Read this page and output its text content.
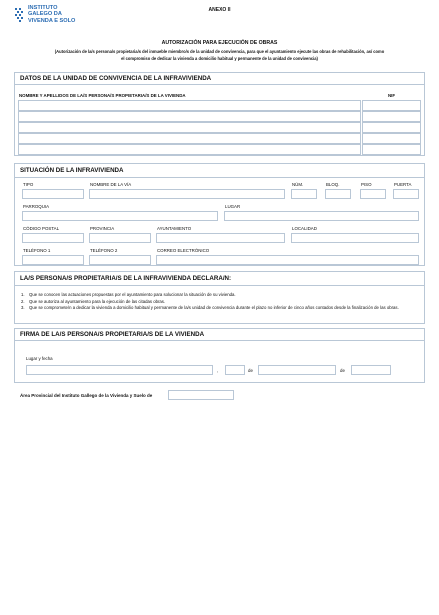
INSTITUTO
GALEGO DA
VIVENDA E SOLO
ANEXO II
AUTORIZACIÓN PARA EJECUCIÓN DE OBRAS
(Autorización de la/s persona/s propietaria/s del inmueble miembro/s de la unidad de convivencia, para que el ayuntamiento ejecute las obras de rehabilitación, así como
el compromiso de dedicar la vivienda a domicilio habitual y permanente de la unidad de convivencia)
DATOS DE LA UNIDAD DE CONVIVENCIA DE LA INFRAVIVIENDA
NOMBRE Y APELLIDOS DE LA/S PERSONA/S PROPIETARIA/S DE LA VIVIENDA	NIF
SITUACIÓN DE LA INFRAVIVIENDA
TIPO	NOMBRE DE LA VÍA	NÚM.	BLOQ.	PISO	PUERTA
PARROQUIA	LUGAR
CÓDIGO POSTAL	PROVINCIA	AYUNTAMIENTO	LOCALIDAD
TELÉFONO 1	TELÉFONO 2	CORREO ELECTRÓNICO
LA/S PERSONA/S PROPIETARIA/S DE LA INFRAVIVIENDA DECLARA/N:
1.	Que se conocen las actuaciones propuestas por el ayuntamiento para solucionar la situación de su vivienda.
2.	Que se autoriza al ayuntamiento para la ejecución de las citadas obras.
3.	Que se compromete/n a dedicar la vivienda a domicilio habitual y permanente de la/s unidad de convivencia durante el plazo no inferior de cinco años contados desde la finalización de las obras.
FIRMA DE LA/S PERSONA/S PROPIETARIA/S DE LA VIVIENDA
Lugar y fecha
,	de	de
Área Provincial del Instituto Gallego de la Vivienda y Suelo de
